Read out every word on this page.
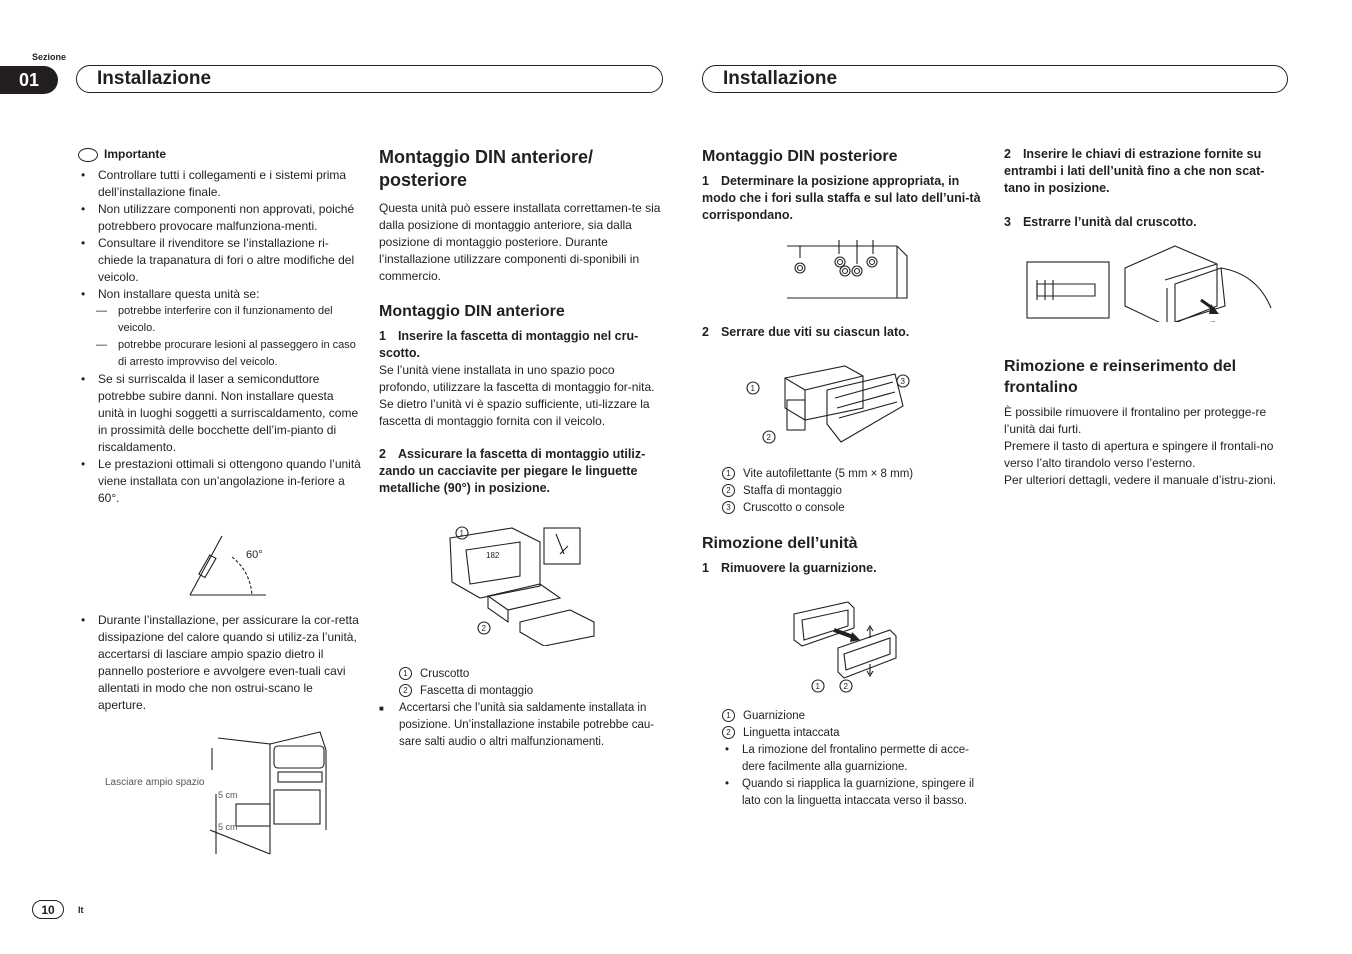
Sezione
01	Installazione	Installazione
Importante
• Controllare tutti i collegamenti e i sistemi prima dell’installazione finale.
• Non utilizzare componenti non approvati, poiché potrebbero provocare malfunziona-menti.
• Consultare il rivenditore se l’installazione ri-chiede la trapanatura di fori o altre modifiche del veicolo.
• Non installare questa unità se:
— potrebbe interferire con il funzionamento del veicolo.
— potrebbe procurare lesioni al passeggero in caso di arresto improvviso del veicolo.
• Se si surriscalda il laser a semiconduttore potrebbe subire danni. Non installare questa unità in luoghi soggetti a surriscaldamento, come in prossimità delle bocchette dell’im-pianto di riscaldamento.
• Le prestazioni ottimali si ottengono quando l’unità viene installata con un’angolazione in-feriore a 60°.
60°
• Durante l’installazione, per assicurare la cor-retta dissipazione del calore quando si utiliz-za l’unità, accertarsi di lasciare ampio spazio dietro il pannello posteriore e avvolgere even-tuali cavi allentati in modo che non ostrui-scano le aperture.
Lasciare ampio spazio
5 cm
5 cm
Montaggio DIN anteriore/ posteriore

Questa unità può essere installata correttamen-te sia dalla posizione di montaggio anteriore, sia dalla posizione di montaggio posteriore. Durante l’installazione utilizzare componenti di-sponibili in commercio.

Montaggio DIN anteriore

1 Inserire la fascetta di montaggio nel cru-scotto.

Se l’unità viene installata in uno spazio poco profondo, utilizzare la fascetta di montaggio for-nita. Se dietro l’unità vi è spazio sufficiente, uti-lizzare la fascetta di montaggio fornita con il veicolo.

2 Assicurare la fascetta di montaggio utiliz-zando un cacciavite per piegare le linguette metalliche (90°) in posizione.

1
2
182
1 Cruscotto
2 Fascetta di montaggio

■ Accertarsi che l’unità sia saldamente installata in posizione. Un’installazione instabile potrebbe cau-sare salti audio o altri malfunzionamenti.

Montaggio DIN posteriore

1 Determinare la posizione appropriata, in modo che i fori sulla staffa e sul lato dell’uni-tà corrispondano.

2 Serrare due viti su ciascun lato.

1
2
3
1 Vite autofilettante (5 mm × 8 mm)
2 Staffa di montaggio
3 Cruscotto o console
Rimozione dell’unità

1 Rimuovere la guarnizione.

1	2
1 Guarnizione
2 Linguetta intaccata
• La rimozione del frontalino permette di acce-dere facilmente alla guarnizione.
• Quando si riapplica la guarnizione, spingere il lato con la linguetta intaccata verso il basso.

2 Inserire le chiavi di estrazione fornite su entrambi i lati dell’unità fino a che non scat-tano in posizione.

3 Estrarre l’unità dal cruscotto.

Rimozione e reinserimento del frontalino

È possibile rimuovere il frontalino per protegge-re l’unità dai furti.

Premere il tasto di apertura e spingere il frontali-no verso l’alto tirandolo verso l’esterno.

Per ulteriori dettagli, vedere il manuale d’istru-zioni.

10	It
